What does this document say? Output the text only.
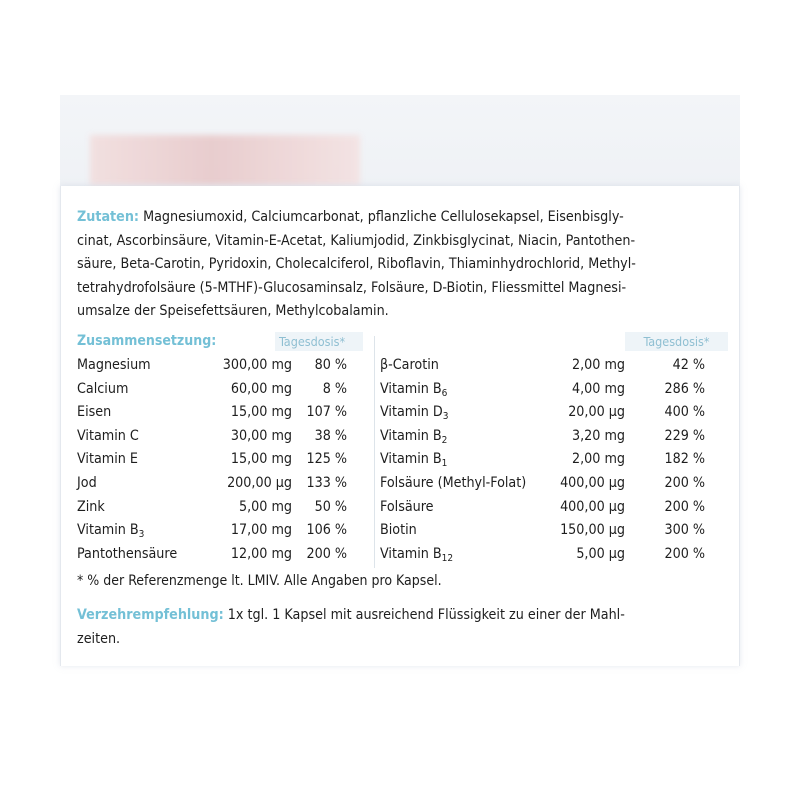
Zutaten: Magnesiumoxid, Calciumcarbonat, pflanzliche Cellulosekapsel, Eisenbisgly-
cinat, Ascorbinsäure, Vitamin-E-Acetat, Kaliumjodid, Zinkbisglycinat, Niacin, Pantothen-
säure, Beta-Carotin, Pyridoxin, Cholecalciferol, Riboflavin, Thiaminhydrochlorid, Methyl-
tetrahydrofolsäure (5-MTHF)-Glucosaminsalz, Folsäure, D-Biotin, Fliessmittel Magnesi-
umsalze der Speisefettsäuren, Methylcobalamin.

Zusammensetzung:	Tagesdosis*
Magnesium	300,00 mg	80 %
Calcium	60,00 mg	8 %
Eisen	15,00 mg	107 %
Vitamin C	30,00 mg	38 %
Vitamin E	15,00 mg	125 %
Jod	200,00 µg	133 %
Zink	5,00 mg	50 %
Vitamin $B_3$	17,00 mg	106 %
Pantothensäure	12,00 mg	200 %
Tagesdosis*
β-Carotin	2,00 mg	42 %
Vitamin $B_6$	4,00 mg	286 %
Vitamin $D_3$	20,00 µg	400 %
Vitamin $B_2$	3,20 mg	229 %
Vitamin $B_1$	2,00 mg	182 %
Folsäure (Methyl-Folat)	400,00 µg	200 %
Folsäure	400,00 µg	200 %
Biotin	150,00 µg	300 %
Vitamin $B_{12}$	5,00 µg	200 %
* % der Referenzmenge lt. LMIV. Alle Angaben pro Kapsel.

Verzehrempfehlung: 1x tgl. 1 Kapsel mit ausreichend Flüssigkeit zu einer der Mahl-
zeiten.
